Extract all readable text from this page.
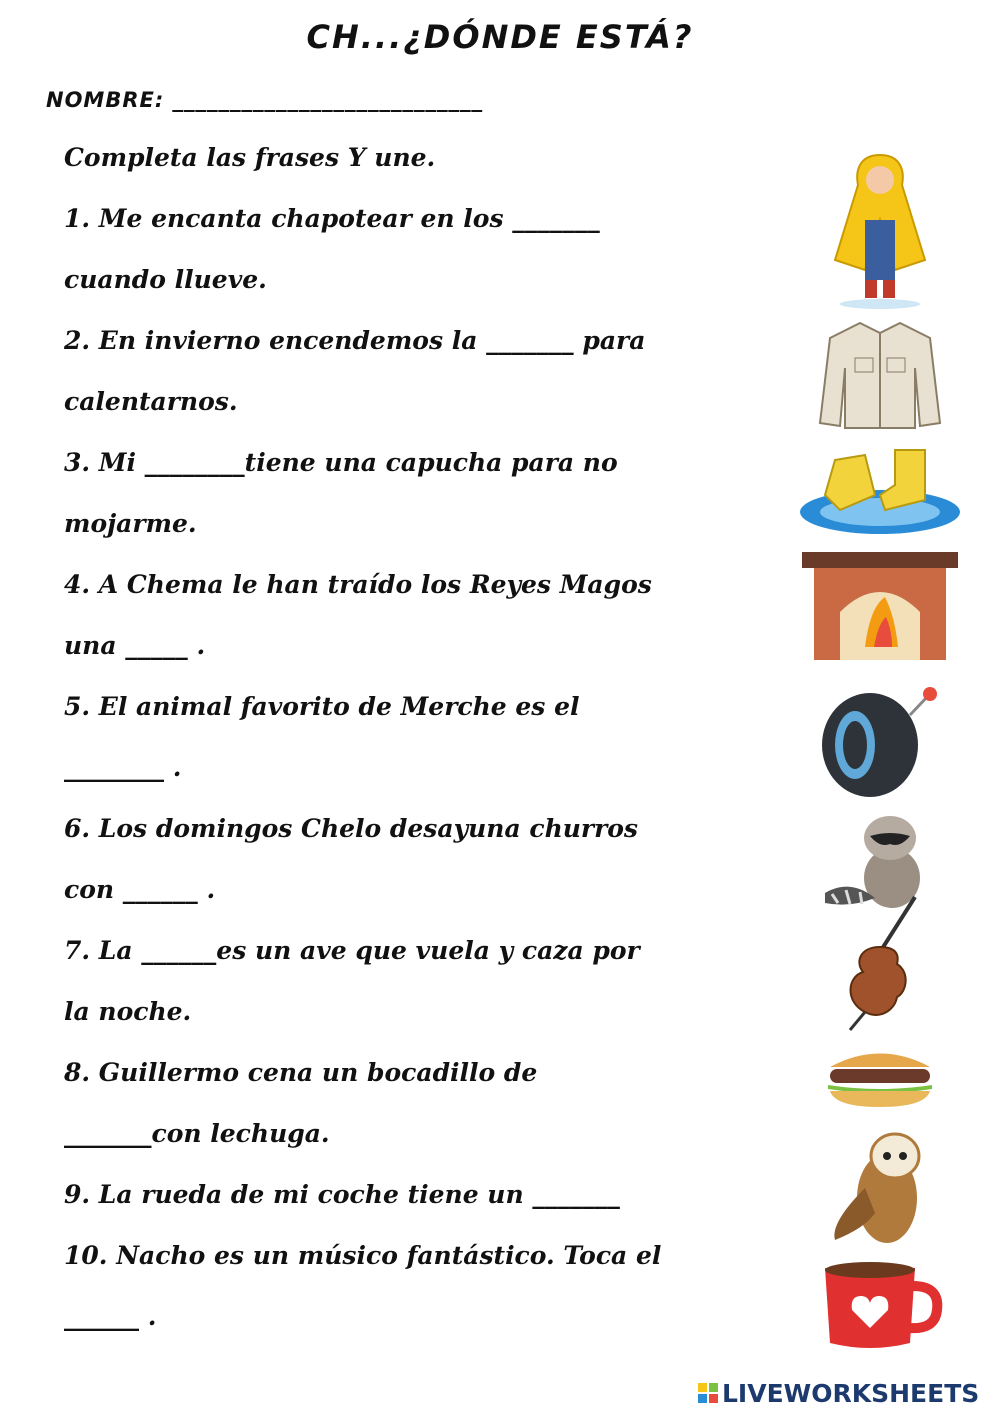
CH...¿DÓNDE ESTÁ?
NOMBRE: ___________________________
Completa las frases Y une.
1. Me encanta chapotear en los _______
cuando llueve.
2. En invierno encendemos la _______ para
calentarnos.
3. Mi ________tiene una capucha para no
mojarme.
4. A Chema le han traído los Reyes Magos
una _____ .
5. El animal favorito de Merche es el
________ .
6. Los domingos Chelo desayuna churros
con ______ .
7. La ______es un ave que vuela y caza por
la noche.
8. Guillermo cena un bocadillo de
_______con lechuga.
9. La rueda de mi coche tiene un _______
10. Nacho es un músico fantástico. Toca el
______ .
LIVEWORKSHEETS
